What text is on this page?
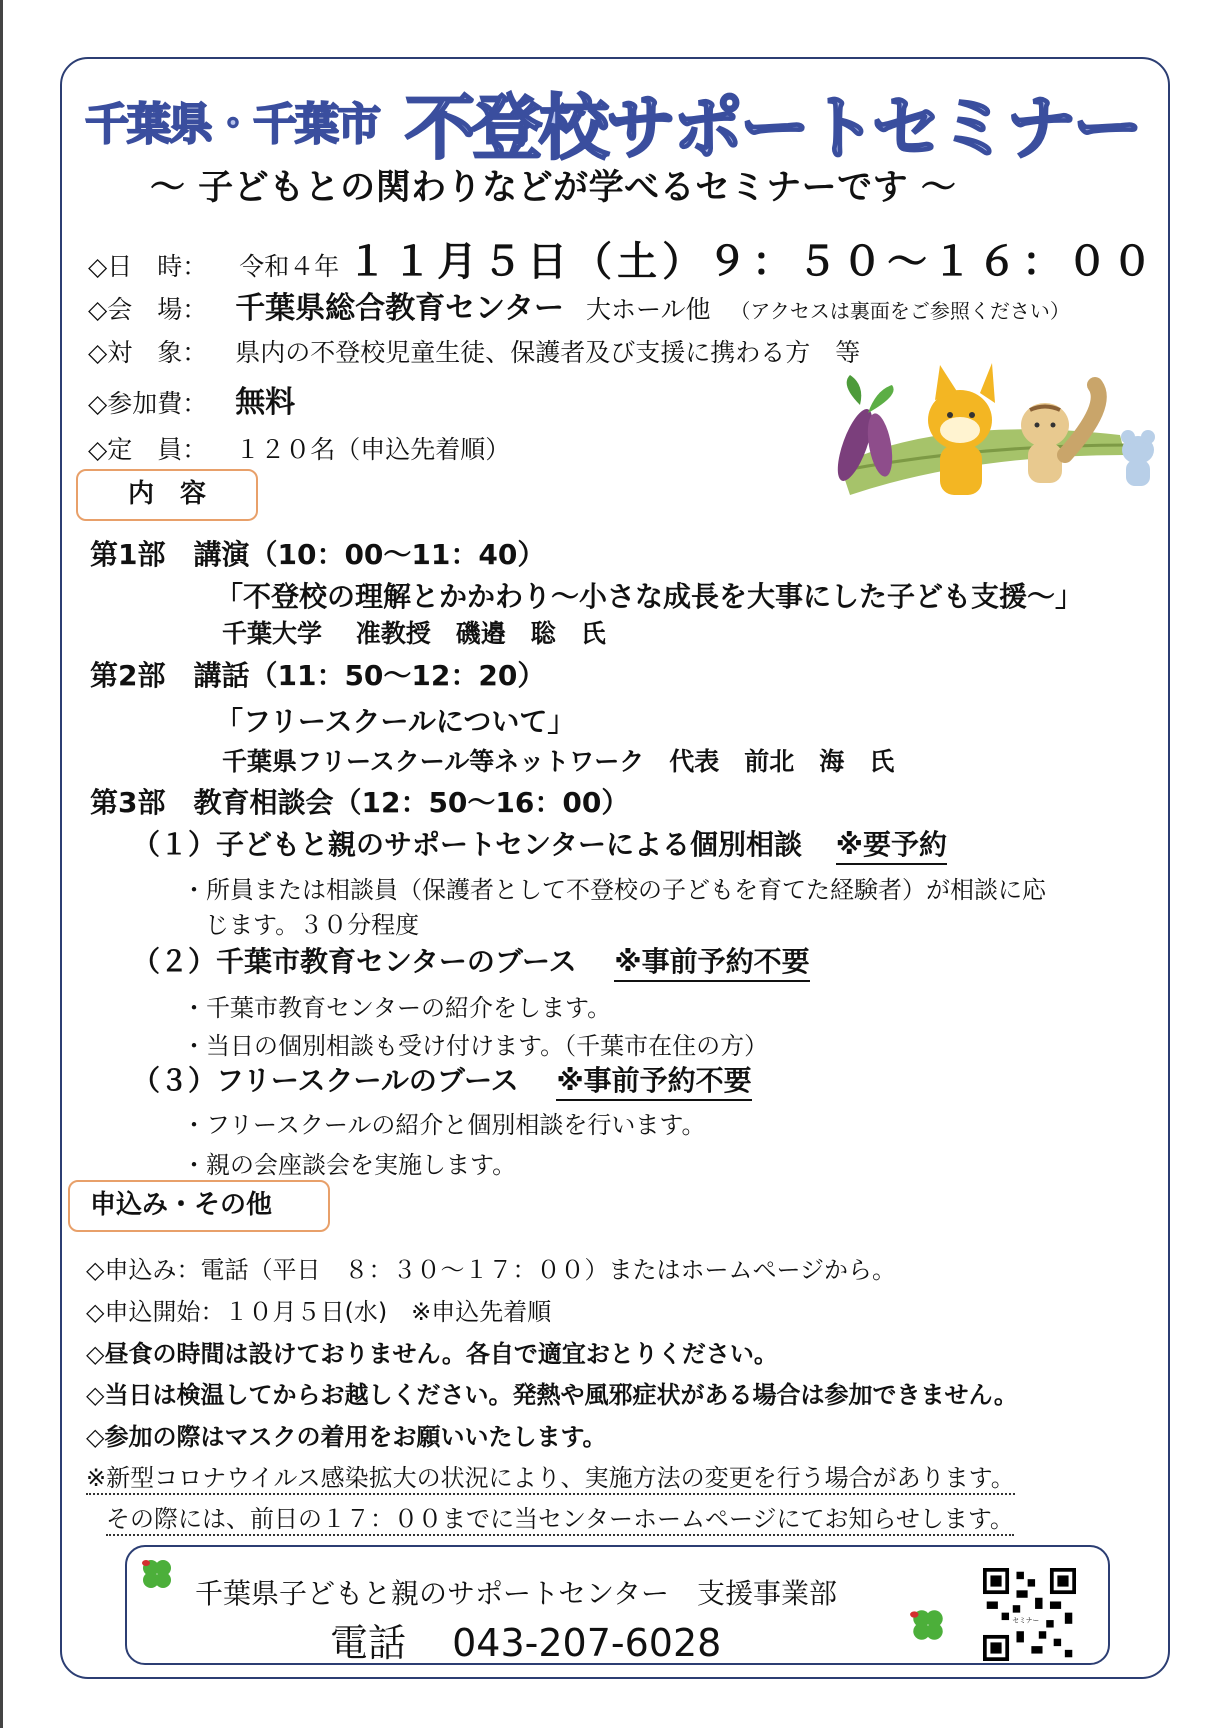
千葉県・千葉市 不登校サポートセミナー
～ 子どもとの関わりなどが学べるセミナーです ～
◇日　時： 令和４年 １１月５日（土）９：５０～１６：００
◇会　場： 千葉県総合教育センター 大ホール他 （アクセスは裏面をご参照ください）
◇対　象： 県内の不登校児童生徒、保護者及び支援に携わる方　等
◇参加費： 無料
◇定　員： １２０名（申込先着順）
内　容
第1部　講演（10：00～11：40）
「不登校の理解とかかわり～小さな成長を大事にした子ども支援～」
千葉大学　 准教授　磯邉　聡　氏
第2部　講話（11：50～12：20）
「フリースクールについて」
千葉県フリースクール等ネットワーク　代表　前北　海　氏
第3部　教育相談会（12：50～16：00）
（１）子どもと親のサポートセンターによる個別相談 ※要予約
・所員または相談員（保護者として不登校の子どもを育てた経験者）が相談に応
じます。３０分程度
（２）千葉市教育センターのブース ※事前予約不要
・千葉市教育センターの紹介をします。
・当日の個別相談も受け付けます。（千葉市在住の方）
（３）フリースクールのブース ※事前予約不要
・フリースクールの紹介と個別相談を行います。
・親の会座談会を実施します。
申込み・その他
◇申込み：電話（平日　８：３０～１７：００）またはホームページから。
◇申込開始：１０月５日(水)　※申込先着順
◇昼食の時間は設けておりません。各自で適宜おとりください。
◇当日は検温してからお越しください。発熱や風邪症状がある場合は参加できません。
◇参加の際はマスクの着用をお願いいたします。
※新型コロナウイルス感染拡大の状況により、実施方法の変更を行う場合があります。
その際には、前日の１７：００までに当センターホームページにてお知らせします。
千葉県子どもと親のサポートセンター　支援事業部
電話 043-207-6028
セミナー
